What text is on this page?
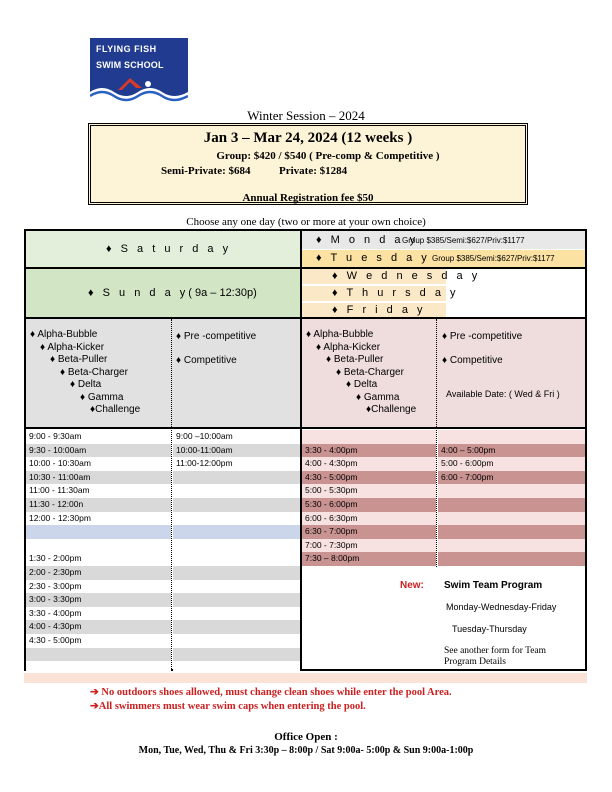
FLYING FISH
SWIM SCHOOL
Winter Session – 2024
Jan 3 – Mar 24, 2024 (12 weeks )
Group: $420 / $540 ( Pre-comp & Competitive )
Semi-Private: $684	Private: $1284
Annual Registration fee $50
Choose any one day (two or more at your own choice)
♦ S a t u r d a y
♦ S u n d a y( 9a – 12:30p)
♦ M o n d a y
Group $385/Semi:$627/Priv:$1177
♦ T u e s d a y Group $385/Semi:$627/Priv:$1177
♦ W e d n e s d a y
♦ T h u r s d a y
♦ F r i d a y
♦ Alpha-Bubble
♦ Alpha-Kicker
♦ Beta-Puller
♦ Beta-Charger
♦ Delta
♦ Gamma
♦Challenge
♦ Alpha-Bubble
♦ Alpha-Kicker
♦ Beta-Puller
♦ Beta-Charger
♦ Delta
♦ Gamma
♦Challenge
♦ Pre -competitive
♦ Competitive
♦ Pre -competitive
♦ Competitive
Available Date: ( Wed & Fri )
9:00 - 9:30am	9:00 –10:00am
9:30 - 10:00am	10:00-11:00am
10:00 - 10:30am	11:00-12:00pm
10:30 - 11:00am
11:00 - 11:30am
11:30 - 12:00n
12:00 - 12:30pm
1:30 - 2:00pm
2:00 - 2:30pm
2:30 - 3:00pm
3:00 - 3:30pm
3:30 - 4:00pm
4:00 - 4:30pm
4:30 - 5:00pm
3:30 - 4:00pm	4:00 – 5:00pm
4:00 - 4:30pm	5:00 - 6:00pm
4:30 - 5:00pm	6:00 - 7:00pm
5:00 - 5:30pm
5:30 - 6:00pm
6:00 - 6:30pm
6:30 - 7:00pm
7:00 - 7:30pm
7:30 – 8:00pm
New: Swim Team Program
Monday-Wednesday-Friday
Tuesday-Thursday
See another form for Team Program Details
➔ No outdoors shoes allowed, must change clean shoes while enter the pool Area.
➔All swimmers must wear swim caps when entering the pool.
Office Open :
Mon, Tue, Wed, Thu & Fri 3:30p – 8:00p / Sat 9:00a- 5:00p & Sun 9:00a-1:00p
